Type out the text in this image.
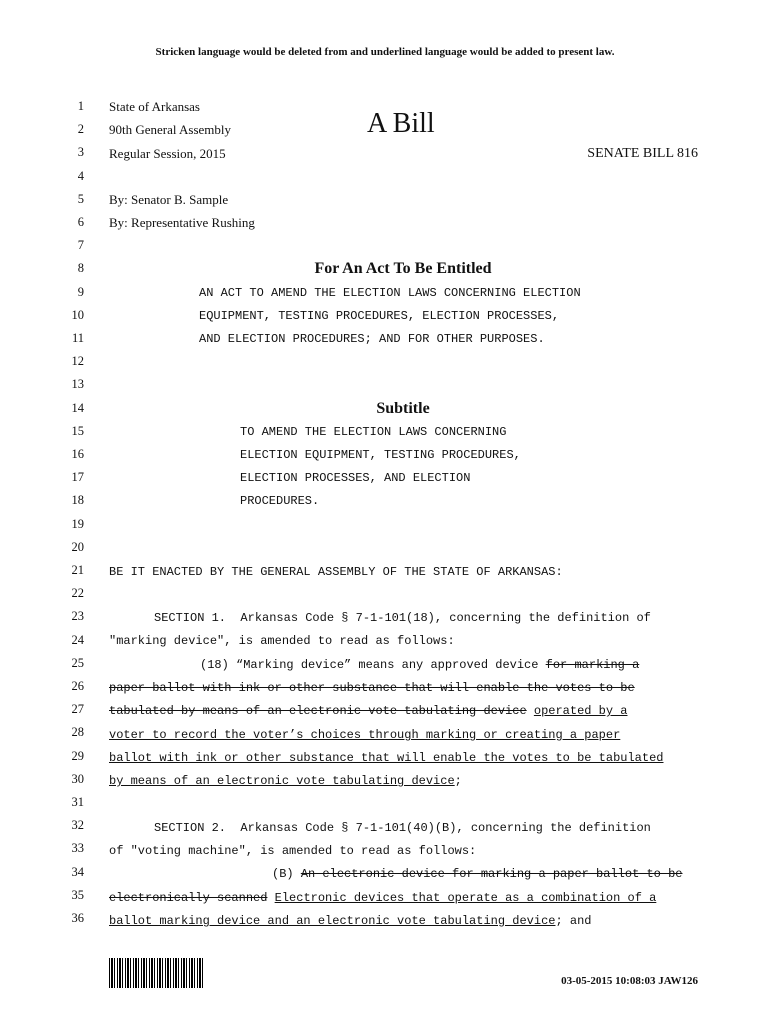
Stricken language would be deleted from and underlined language would be added to present law.
1
2
3
4
5
6
7
8
9
10
11
12
13
14
15
16
17
18
19
20
21
22
23
24
25
26
27
28
29
30
31
32
33
34
35
36
State of Arkansas
90th General Assembly
Regular Session, 2015
A Bill
SENATE BILL 816
By: Senator B. Sample
By: Representative Rushing
For An Act To Be Entitled
AN ACT TO AMEND THE ELECTION LAWS CONCERNING ELECTION
EQUIPMENT, TESTING PROCEDURES, ELECTION PROCESSES,
AND ELECTION PROCEDURES; AND FOR OTHER PURPOSES.
Subtitle
TO AMEND THE ELECTION LAWS CONCERNING
ELECTION EQUIPMENT, TESTING PROCEDURES,
ELECTION PROCESSES, AND ELECTION
PROCEDURES.
BE IT ENACTED BY THE GENERAL ASSEMBLY OF THE STATE OF ARKANSAS:
SECTION 1.  Arkansas Code § 7-1-101(18), concerning the definition of
"marking device", is amended to read as follows:
(18) “Marking device” means any approved device for marking a
paper ballot with ink or other substance that will enable the votes to be
tabulated by means of an electronic vote tabulating device operated by a
voter to record the voter’s choices through marking or creating a paper
ballot with ink or other substance that will enable the votes to be tabulated
by means of an electronic vote tabulating device;
SECTION 2.  Arkansas Code § 7-1-101(40)(B), concerning the definition
of "voting machine", is amended to read as follows:
(B) An electronic device for marking a paper ballot to be
electronically scanned Electronic devices that operate as a combination of a
ballot marking device and an electronic vote tabulating device; and
03-05-2015 10:08:03 JAW126
